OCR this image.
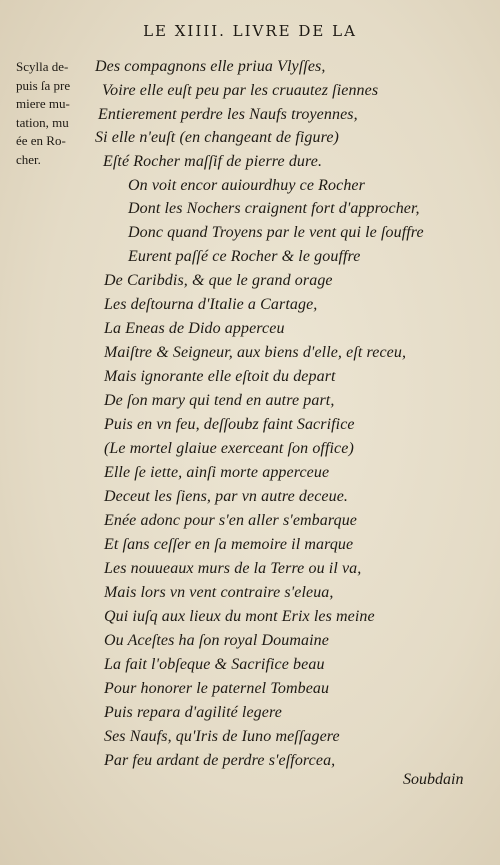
LE XIIII. LIVRE DE LA
Scylla de-
puis ſa pre
miere mu-
tation, mu
ée en Ro-
cher.
Des compagnons elle priua Vlyſſes,
Voire elle euſt peu par les cruautez ſiennes
Entierement perdre les Naufs troyennes,
Si elle n'euſt (en changeant de figure)
Eſté Rocher maſſif de pierre dure.
On voit encor auiourdhuy ce Rocher
Dont les Nochers craignent fort d'approcher,
Donc quand Troyens par le vent qui le ſouffre
Eurent paſſé ce Rocher & le gouffre
De Caribdis, & que le grand orage
Les deſtourna d'Italie a Cartage,
La Eneas de Dido apperceu
Maiſtre & Seigneur, aux biens d'elle, eſt receu,
Mais ignorante elle eſtoit du depart
De ſon mary qui tend en autre part,
Puis en vn feu, deſſoubz faint Sacrifice
(Le mortel glaiue exerceant ſon office)
Elle ſe iette, ainſi morte apperceue
Deceut les ſiens, par vn autre deceue.
Enée adonc pour s'en aller s'embarque
Et ſans ceſſer en ſa memoire il marque
Les nouueaux murs de la Terre ou il va,
Mais lors vn vent contraire s'eleua,
Qui iuſq aux lieux du mont Erix les meine
Ou Aceſtes ha ſon royal Doumaine
La fait l'obſeque & Sacrifice beau
Pour honorer le paternel Tombeau
Puis repara d'agilité legere
Ses Naufs, qu'Iris de Iuno meſſagere
Par feu ardant de perdre s'eſforcea,
Soubdain
